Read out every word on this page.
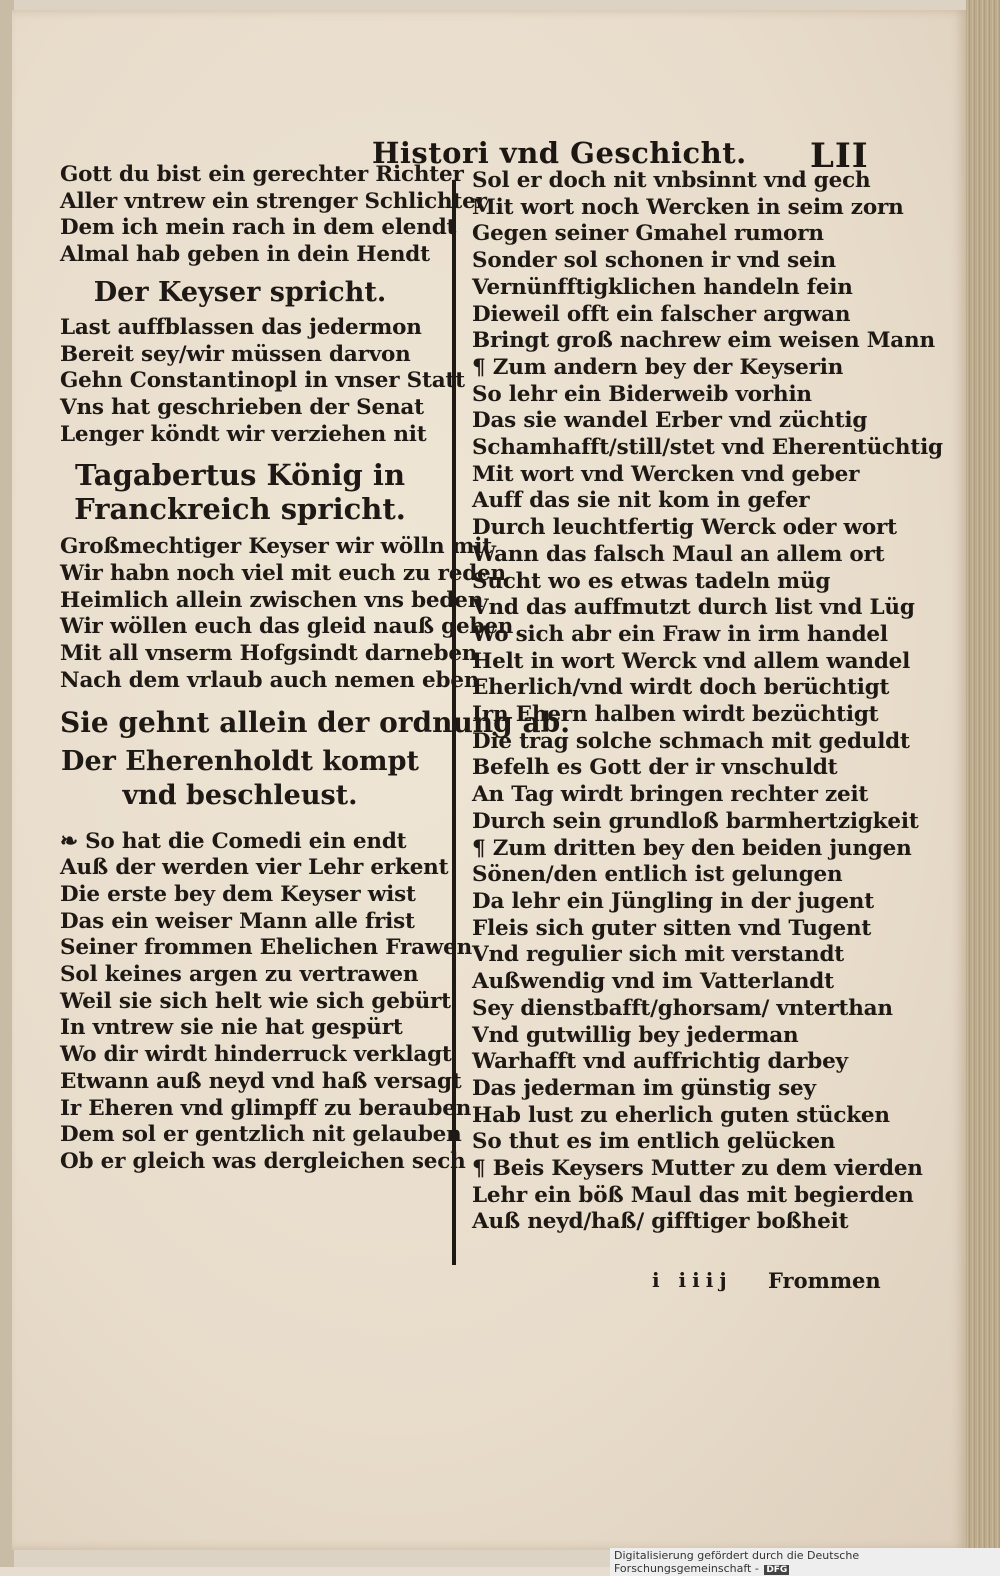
Histori vnd Geschicht. LII
Gott du bist ein gerechter Richter
Aller vntrew ein strenger Schlichter
Dem ich mein rach in dem elendt
Almal hab geben in dein Hendt
Der Keyser spricht.
Last auffblassen das jedermon
Bereit sey/wir müssen darvon
Gehn Constantinopl in vnser Statt
Vns hat geschrieben der Senat
Lenger köndt wir verziehen nit
Tagabertus König in
Franckreich spricht.
Großmechtiger Keyser wir wölln mit
Wir habn noch viel mit euch zu reden
Heimlich allein zwischen vns beden
Wir wöllen euch das gleid nauß geben
Mit all vnserm Hofgsindt darneben
Nach dem vrlaub auch nemen eben
Sie gehnt allein der ordnung ab.
Der Eherenholdt kompt
vnd beschleust.
❧ So hat die Comedi ein endt
Auß der werden vier Lehr erkent
Die erste bey dem Keyser wist
Das ein weiser Mann alle frist
Seiner frommen Ehelichen Frawen
Sol keines argen zu vertrawen
Weil sie sich helt wie sich gebürt
In vntrew sie nie hat gespürt
Wo dir wirdt hinderruck verklagt
Etwann auß neyd vnd haß versagt
Ir Eheren vnd glimpff zu berauben
Dem sol er gentzlich nit gelauben
Ob er gleich was dergleichen sech
Sol er doch nit vnbsinnt vnd gech
Mit wort noch Wercken in seim zorn
Gegen seiner Gmahel rumorn
Sonder sol schonen ir vnd sein
Vernünfftigklichen handeln fein
Dieweil offt ein falscher argwan
Bringt groß nachrew eim weisen Mann
¶ Zum andern bey der Keyserin
So lehr ein Biderweib vorhin
Das sie wandel Erber vnd züchtig
Schamhafft/still/stet vnd Eherentüchtig
Mit wort vnd Wercken vnd geber
Auff das sie nit kom in gefer
Durch leuchtfertig Werck oder wort
Wann das falsch Maul an allem ort
Sucht wo es etwas tadeln müg
Vnd das auffmutzt durch list vnd Lüg
Wo sich abr ein Fraw in irm handel
Helt in wort Werck vnd allem wandel
Eherlich/vnd wirdt doch berüchtigt
Irn Ehern halben wirdt bezüchtigt
Die trag solche schmach mit geduldt
Befelh es Gott der ir vnschuldt
An Tag wirdt bringen rechter zeit
Durch sein grundloß barmhertzigkeit
¶ Zum dritten bey den beiden jungen
Sönen/den entlich ist gelungen
Da lehr ein Jüngling in der jugent
Fleis sich guter sitten vnd Tugent
Vnd regulier sich mit verstandt
Außwendig vnd im Vatterlandt
Sey dienstbafft/ghorsam/ vnterthan
Vnd gutwillig bey jederman
Warhafft vnd auffrichtig darbey
Das jederman im günstig sey
Hab lust zu eherlich guten stücken
So thut es im entlich gelücken
¶ Beis Keysers Mutter zu dem vierden
Lehr ein böß Maul das mit begierden
Auß neyd/haß/ gifftiger boßheit
i iiij Frommen
Digitalisierung gefördert durch die Deutsche Forschungsgemeinschaft - DFG
